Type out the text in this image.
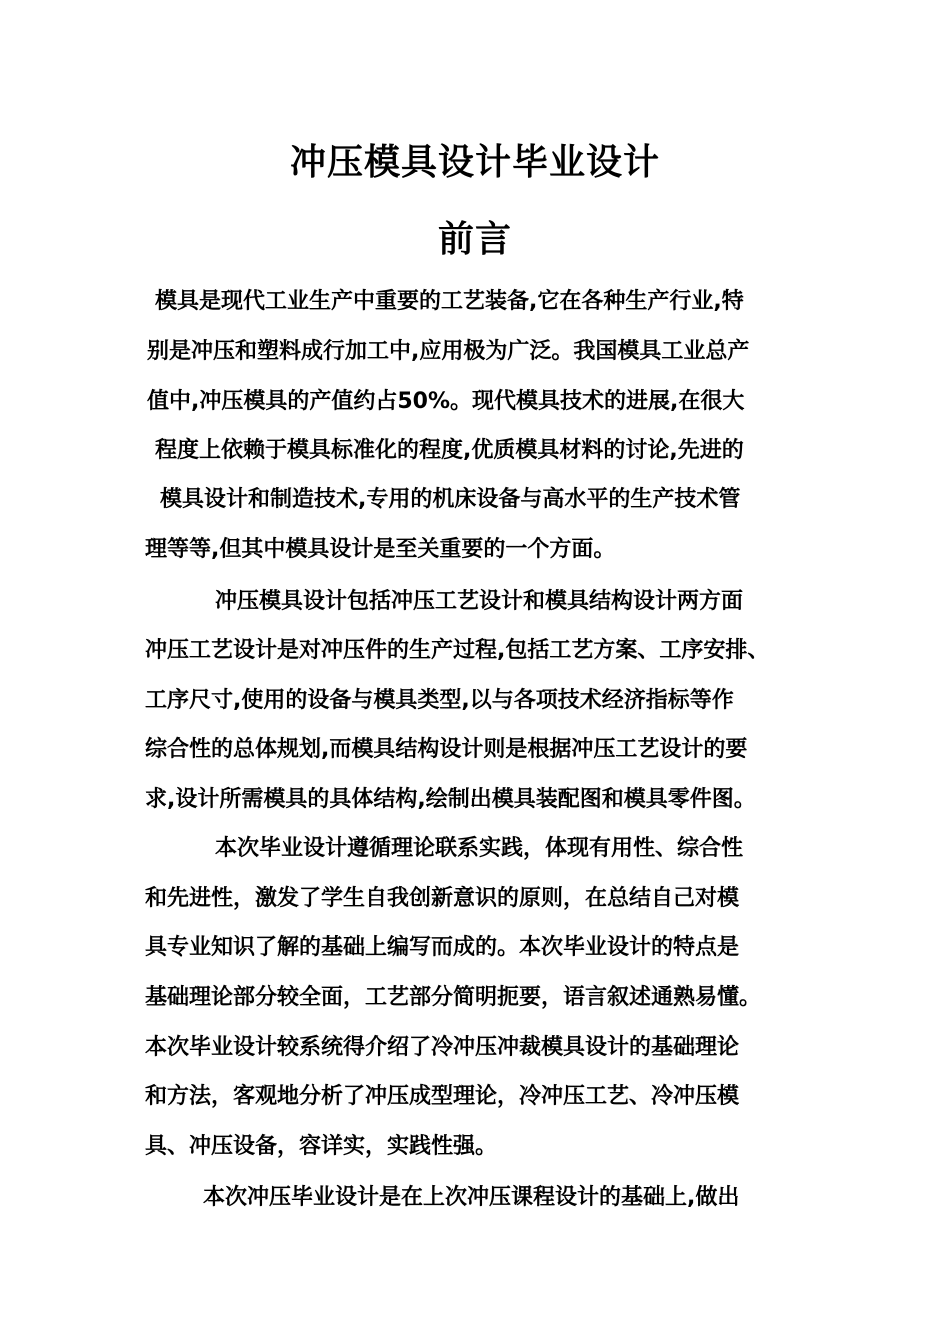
冲压模具设计毕业设计
前言
模具是现代工业生产中重要的工艺装备,它在各种生产行业,特
别是冲压和塑料成行加工中,应用极为广泛。我国模具工业总产
值中,冲压模具的产值约占50%。现代模具技术的进展,在很大
程度上依赖于模具标准化的程度,优质模具材料的讨论,先进的
模具设计和制造技术,专用的机床设备与高水平的生产技术管
理等等,但其中模具设计是至关重要的一个方面。
冲压模具设计包括冲压工艺设计和模具结构设计两方面
冲压工艺设计是对冲压件的生产过程,包括工艺方案、工序安排、
工序尺寸,使用的设备与模具类型,以与各项技术经济指标等作
综合性的总体规划,而模具结构设计则是根据冲压工艺设计的要
求,设计所需模具的具体结构,绘制出模具装配图和模具零件图。
本次毕业设计遵循理论联系实践，体现有用性、综合性
和先进性，激发了学生自我创新意识的原则，在总结自己对模
具专业知识了解的基础上编写而成的。本次毕业设计的特点是
基础理论部分较全面，工艺部分简明扼要，语言叙述通熟易懂。
本次毕业设计较系统得介绍了冷冲压冲裁模具设计的基础理论
和方法，客观地分析了冲压成型理论，冷冲压工艺、冷冲压模
具、冲压设备，容详实，实践性强。
本次冲压毕业设计是在上次冲压课程设计的基础上,做出
